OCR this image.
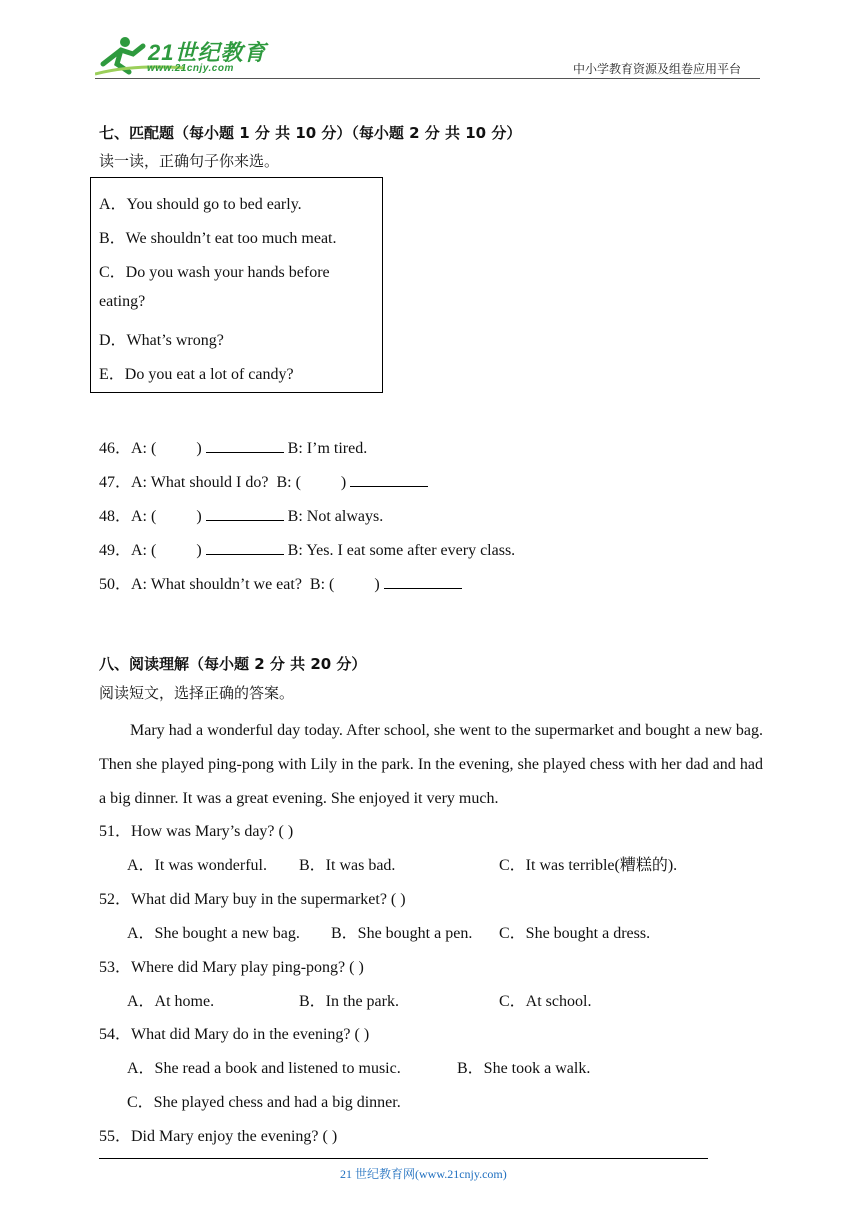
21世纪教育
www.21cnjy.com	中小学教育资源及组卷应用平台
七、匹配题（每小题 1 分 共 10 分）（每小题 2 分 共 10 分）
读一读，正确句子你来选。
A．You should go to bed early.
B．We shouldn’t eat too much meat.
C．Do you wash your hands before
eating?
D．What’s wrong?
E．Do you eat a lot of candy?
46．A: (          )	B: I’m tired.
47．A: What should I do?  B: (          )
48．A: (          )	B: Not always.
49．A: (          )	B: Yes. I eat some after every class.
50．A: What shouldn’t we eat?  B: (          )
八、阅读理解（每小题 2 分 共 20 分）
阅读短文，选择正确的答案。
Mary had a wonderful day today. After school, she went to the supermarket and bought a new bag. Then she played ping-pong with Lily in the park. In the evening, she played chess with her dad and had a big dinner. It was a great evening. She enjoyed it very much.
51．How was Mary’s day? ( )
A．It was wonderful. B．It was bad.	C．It was terrible(糟糕的).
52．What did Mary buy in the supermarket? ( )
A．She bought a new bag. B．She bought a pen. C．She bought a dress.
53．Where did Mary play ping-pong? ( )
A．At home.	B．In the park.	C．At school.
54．What did Mary do in the evening? ( )
A．She read a book and listened to music.	B．She took a walk.
C．She played chess and had a big dinner.
55．Did Mary enjoy the evening? ( )
21 世纪教育网(www.21cnjy.com)
